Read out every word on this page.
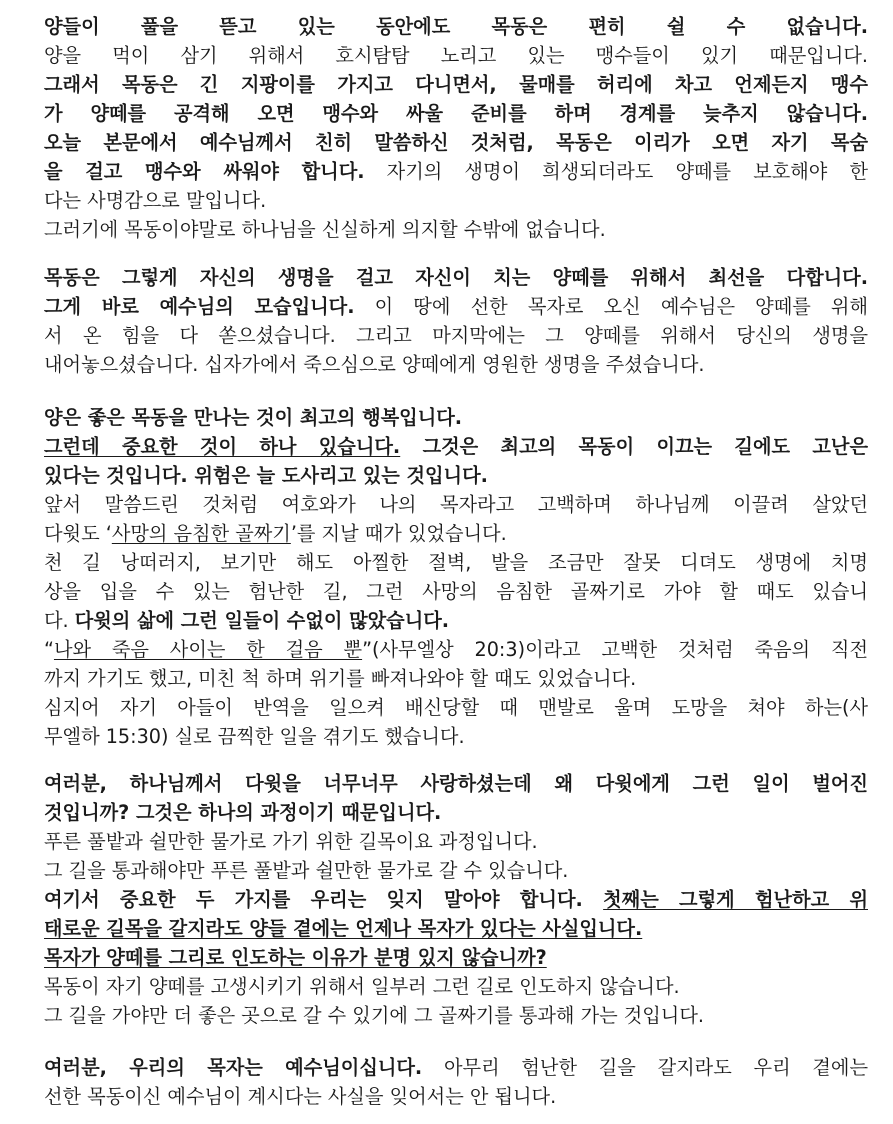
양들이 풀을 뜯고 있는 동안에도 목동은 편히 쉴 수 없습니다.
양을 먹이 삼기 위해서 호시탐탐 노리고 있는 맹수들이 있기 때문입니다.
그래서 목동은 긴 지팡이를 가지고 다니면서, 물매를 허리에 차고 언제든지 맹수
가 양떼를 공격해 오면 맹수와 싸울 준비를 하며 경계를 늦추지 않습니다.
오늘 본문에서 예수님께서 친히 말씀하신 것처럼, 목동은 이리가 오면 자기 목숨
을 걸고 맹수와 싸워야 합니다. 자기의 생명이 희생되더라도 양떼를 보호해야 한
다는 사명감으로 말입니다.
그러기에 목동이야말로 하나님을 신실하게 의지할 수밖에 없습니다.
목동은 그렇게 자신의 생명을 걸고 자신이 치는 양떼를 위해서 최선을 다합니다.
그게 바로 예수님의 모습입니다. 이 땅에 선한 목자로 오신 예수님은 양떼를 위해
서 온 힘을 다 쏟으셨습니다. 그리고 마지막에는 그 양떼를 위해서 당신의 생명을
내어놓으셨습니다. 십자가에서 죽으심으로 양떼에게 영원한 생명을 주셨습니다.
양은 좋은 목동을 만나는 것이 최고의 행복입니다.
그런데 중요한 것이 하나 있습니다. 그것은 최고의 목동이 이끄는 길에도 고난은
있다는 것입니다. 위험은 늘 도사리고 있는 것입니다.
앞서 말씀드린 것처럼 여호와가 나의 목자라고 고백하며 하나님께 이끌려 살았던
다윗도 ‘사망의 음침한 골짜기’를 지날 때가 있었습니다.
천 길 낭떠러지, 보기만 해도 아찔한 절벽, 발을 조금만 잘못 디뎌도 생명에 치명
상을 입을 수 있는 험난한 길, 그런 사망의 음침한 골짜기로 가야 할 때도 있습니
다. 다윗의 삶에 그런 일들이 수없이 많았습니다.
“나와 죽음 사이는 한 걸음 뿐”(사무엘상 20:3)이라고 고백한 것처럼 죽음의 직전
까지 가기도 했고, 미친 척 하며 위기를 빠져나와야 할 때도 있었습니다.
심지어 자기 아들이 반역을 일으켜 배신당할 때 맨발로 울며 도망을 쳐야 하는(사
무엘하 15:30) 실로 끔찍한 일을 겪기도 했습니다.
여러분, 하나님께서 다윗을 너무너무 사랑하셨는데 왜 다윗에게 그런 일이 벌어진
것입니까? 그것은 하나의 과정이기 때문입니다.
푸른 풀밭과 쉴만한 물가로 가기 위한 길목이요 과정입니다.
그 길을 통과해야만 푸른 풀밭과 쉴만한 물가로 갈 수 있습니다.
여기서 중요한 두 가지를 우리는 잊지 말아야 합니다. 첫째는 그렇게 험난하고 위
태로운 길목을 갈지라도 양들 곁에는 언제나 목자가 있다는 사실입니다.
목자가 양떼를 그리로 인도하는 이유가 분명 있지 않습니까?
목동이 자기 양떼를 고생시키기 위해서 일부러 그런 길로 인도하지 않습니다.
그 길을 가야만 더 좋은 곳으로 갈 수 있기에 그 골짜기를 통과해 가는 것입니다.
여러분, 우리의 목자는 예수님이십니다. 아무리 험난한 길을 갈지라도 우리 곁에는
선한 목동이신 예수님이 계시다는 사실을 잊어서는 안 됩니다.
